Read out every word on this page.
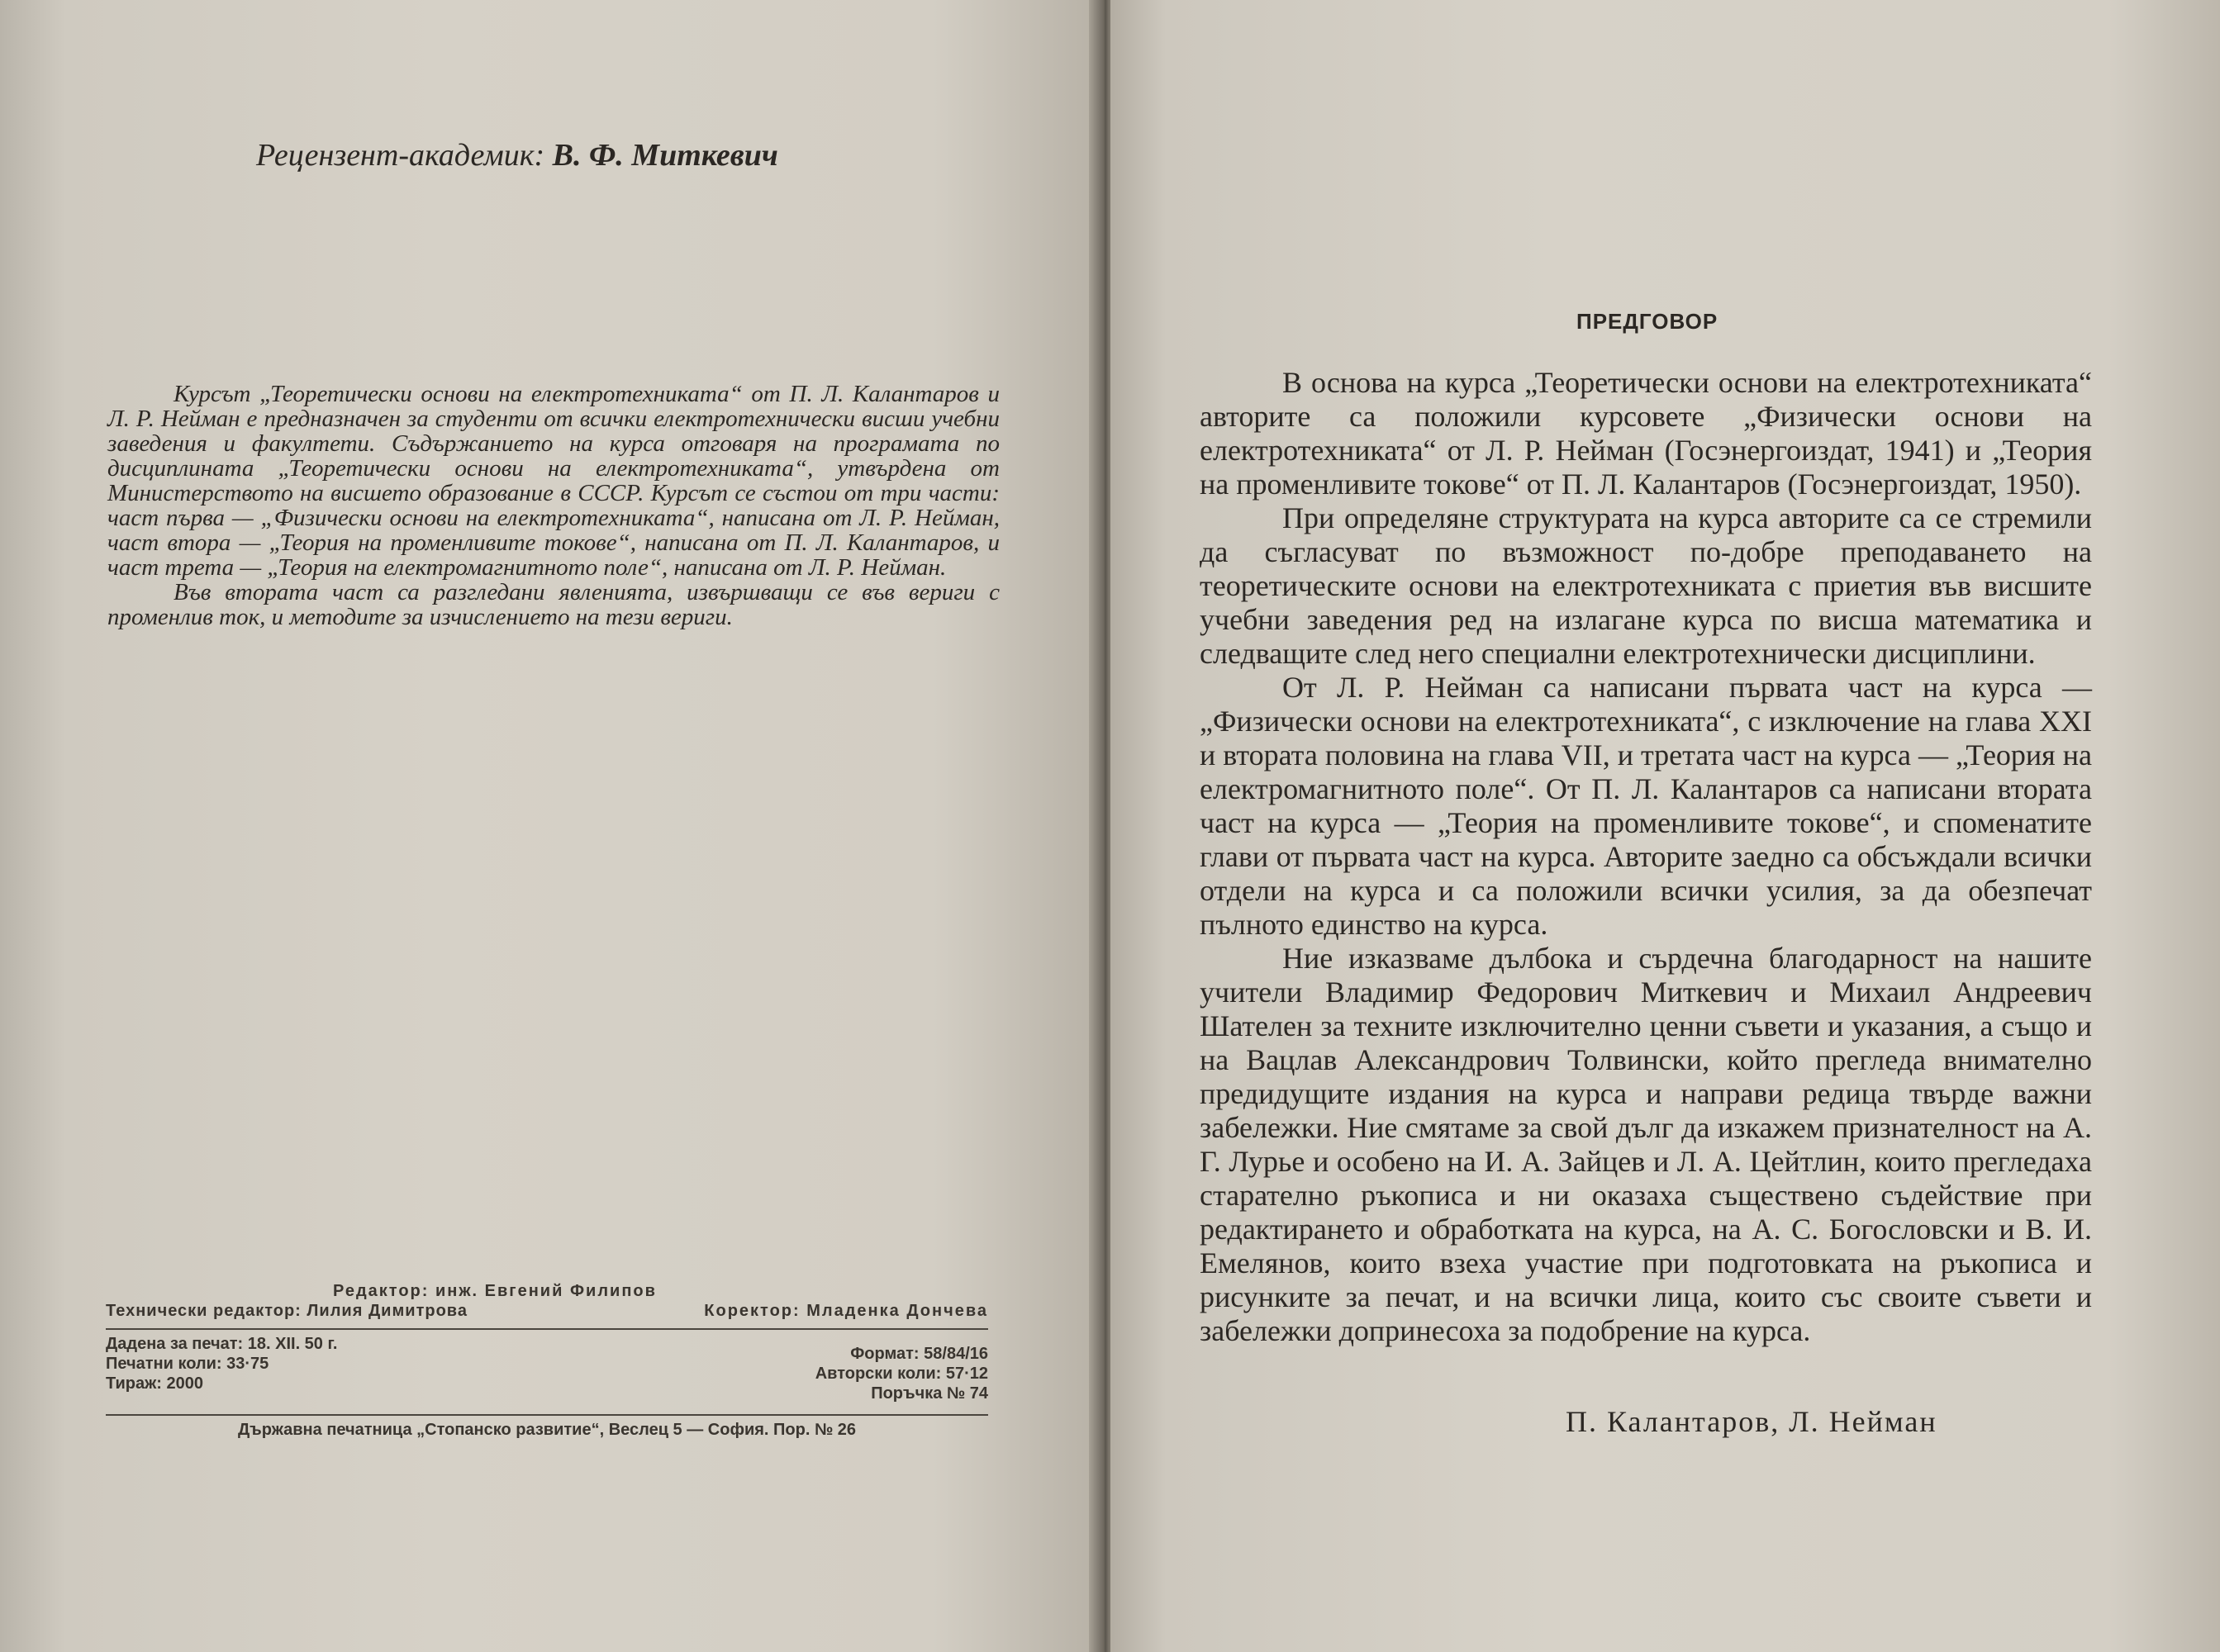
Рецензент-академик: В. Ф. Миткевич

Курсът „Теоретически основи на електротехниката“ от П. Л. Калантаров и Л. Р. Нейман е предназначен за студенти от всички електротехнически висши учебни заведения и факултети. Съдържанието на курса отговаря на програмата по дисциплината „Теоретически основи на електротехниката“, утвърдена от Министерството на висшето образование в СССР. Курсът се състои от три части: част първа — „Физически основи на електротехниката“, написана от Л. Р. Нейман, част втора — „Теория на променливите токове“, написана от П. Л. Калантаров, и част трета — „Теория на електромагнитното поле“, написана от Л. Р. Нейман.

Във втората част са разгледани явленията, извършващи се във вериги с променлив ток, и методите за изчислението на тези вериги.

Редактор: инж. Евгений Филипов
Технически редактор: Лилия Димитрова	Коректор: Младенка Дончева
Дадена за печат: 18. XII. 50 г.
Печатни коли: 33·75
Тираж: 2000
Формат: 58/84/16
Авторски коли: 57·12
Поръчка № 74
Държавна печатница „Стопанско развитие“, Веслец 5 — София. Пор. № 26
ПРЕДГОВОР

В основа на курса „Теоретически основи на електротехниката“ авторите са положили курсовете „Физически основи на електротехниката“ от Л. Р. Нейман (Госэнергоиздат, 1941) и „Теория на променливите токове“ от П. Л. Калантаров (Госэнергоиздат, 1950).

При определяне структурата на курса авторите са се стремили да съгласуват по възможност по-добре преподаването на теоретическите основи на електротехниката с приетия във висшите учебни заведения ред на излагане курса по висша математика и следващите след него специални електротехнически дисциплини.

От Л. Р. Нейман са написани първата част на курса — „Физически основи на електротехниката“, с изключение на глава XXI и втората половина на глава VII, и третата част на курса — „Теория на електромагнитното поле“. От П. Л. Калантаров са написани втората част на курса — „Теория на променливите токове“, и споменатите глави от първата част на курса. Авторите заедно са обсъждали всички отдели на курса и са положили всички усилия, за да обезпечат пълното единство на курса.

Ние изказваме дълбока и сърдечна благодарност на нашите учители Владимир Федорович Миткевич и Михаил Андреевич Шателен за техните изключително ценни съвети и указания, а също и на Вацлав Александрович Толвински, който прегледа внимателно предидущите издания на курса и направи редица твърде важни забележки. Ние смятаме за свой дълг да изкажем признателност на А. Г. Лурье и особено на И. А. Зайцев и Л. А. Цейтлин, които прегледаха старателно ръкописа и ни оказаха съществено съдействие при редактирането и обработката на курса, на А. С. Богословски и В. И. Емелянов, които взеха участие при подготовката на ръкописа и рисунките за печат, и на всички лица, които със своите съвети и забележки допринесоха за подобрение на курса.

П. Калантаров, Л. Нейман
